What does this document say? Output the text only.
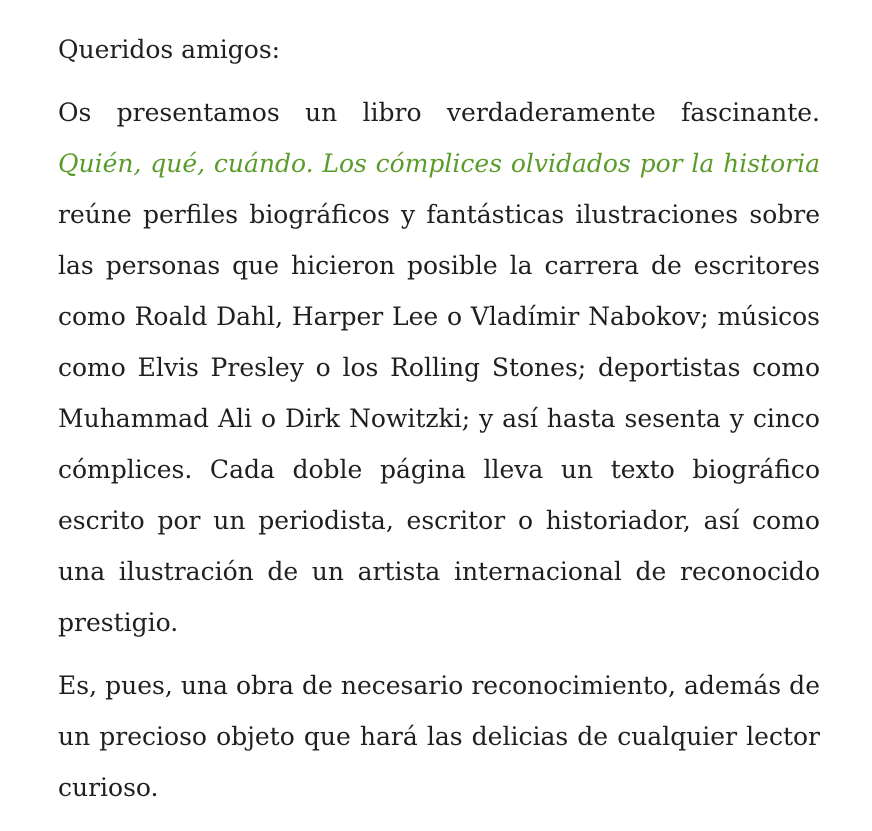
Queridos amigos:

Os presentamos un libro verdaderamente fascinante. Quién, qué, cuándo. Los cómplices olvidados por la historia reúne perfiles biográficos y fantásticas ilustraciones sobre las personas que hicieron posible la carrera de escritores como Roald Dahl, Harper Lee o Vladímir Nabokov; músicos como Elvis Presley o los Rolling Stones; deportistas como Muhammad Ali o Dirk Nowitzki; y así hasta sesenta y cinco cómplices. Cada doble página lleva un texto biográfico escrito por un periodista, escritor o historiador, así como una ilustración de un artista internacional de reconocido prestigio.

Es, pues, una obra de necesario reconocimiento, además de un precioso objeto que hará las delicias de cualquier lector curioso.
